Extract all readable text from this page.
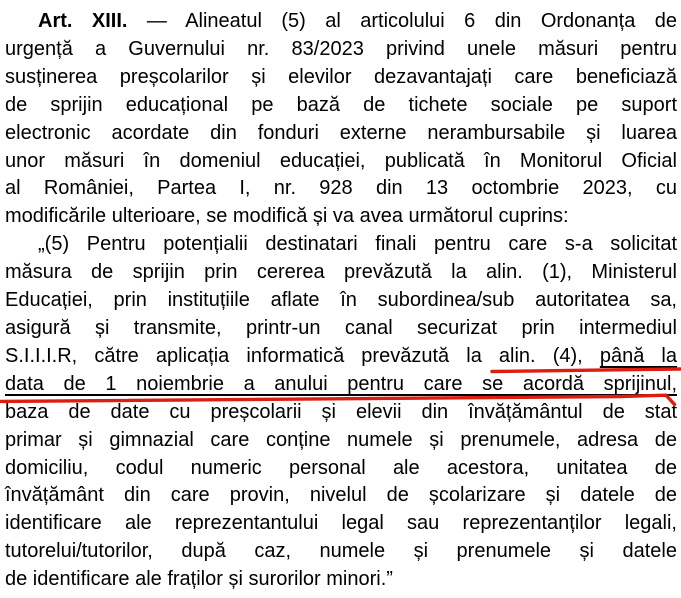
Art. XIII. — Alineatul (5) al articolului 6 din Ordonanța de
urgență a Guvernului nr. 83/2023 privind unele măsuri pentru
susținerea preșcolarilor și elevilor dezavantajați care beneficiază
de sprijin educațional pe bază de tichete sociale pe suport
electronic acordate din fonduri externe nerambursabile și luarea
unor măsuri în domeniul educației, publicată în Monitorul Oficial
al României, Partea I, nr. 928 din 13 octombrie 2023, cu
modificările ulterioare, se modifică și va avea următorul cuprins:
„(5) Pentru potențialii destinatari finali pentru care s-a solicitat
măsura de sprijin prin cererea prevăzută la alin. (1), Ministerul
Educației, prin instituțiile aflate în subordinea/sub autoritatea sa,
asigură și transmite, printr-un canal securizat prin intermediul
S.I.I.I.R, către aplicația informatică prevăzută la alin. (4), până la
data de 1 noiembrie a anului pentru care se acordă sprijinul,
baza de date cu preșcolarii și elevii din învățământul de stat
primar și gimnazial care conține numele și prenumele, adresa de
domiciliu, codul numeric personal ale acestora, unitatea de
învățământ din care provin, nivelul de școlarizare și datele de
identificare ale reprezentantului legal sau reprezentanților legali,
tutorelui/tutorilor, după caz, numele și prenumele și datele
de identificare ale fraților și surorilor minori.”
